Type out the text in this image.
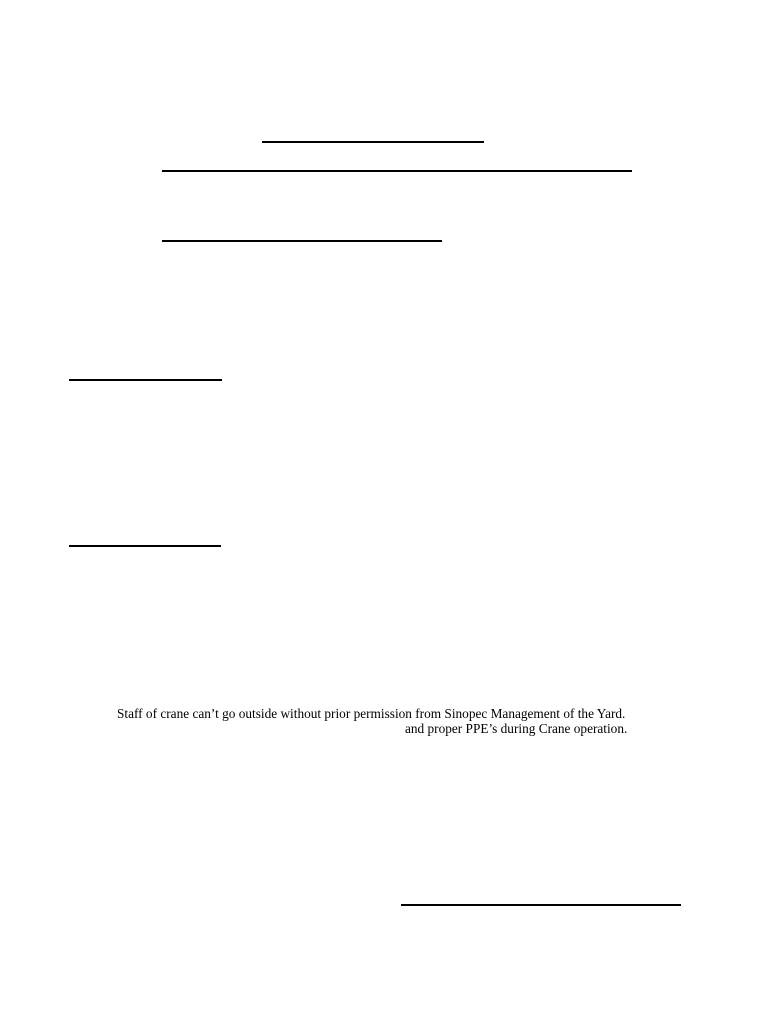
Staff of crane can’t go outside without prior permission from Sinopec Management of the Yard.
and proper PPE’s during Crane operation.
